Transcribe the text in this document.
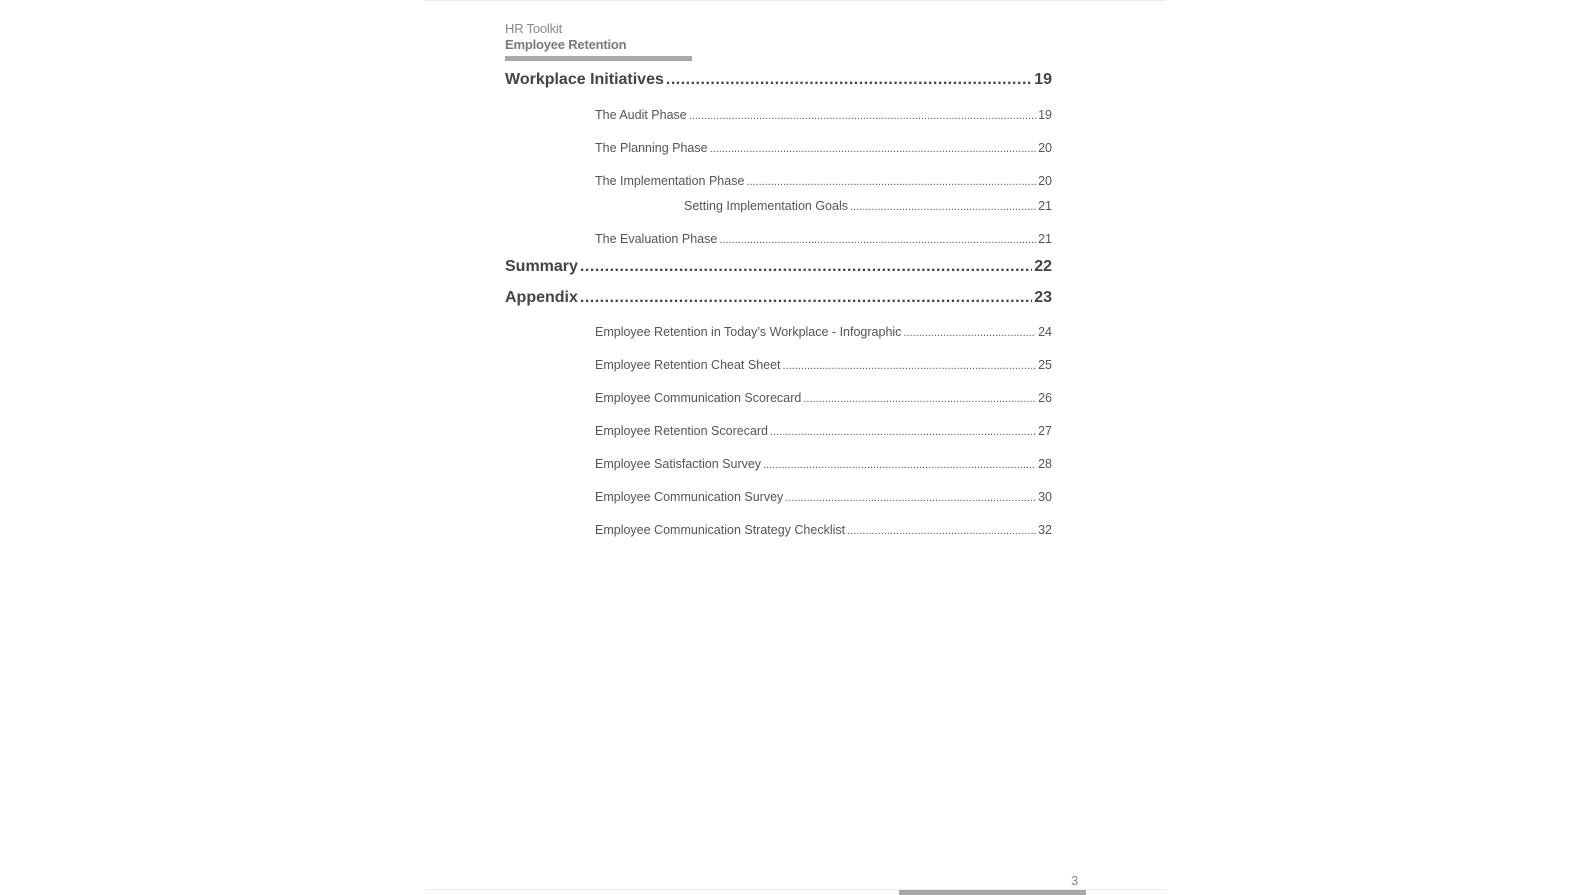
HR Toolkit
Employee Retention
Workplace Initiatives .....	19
The Audit Phase .....	19
The Planning Phase .....	20
The Implementation Phase .....	20
Setting Implementation Goals .....	21
The Evaluation Phase .....	21
Summary .....	22
Appendix .....	23
Employee Retention in Today’s Workplace - Infographic .....	24
Employee Retention Cheat Sheet .....	25
Employee Communication Scorecard .....	26
Employee Retention Scorecard .....	27
Employee Satisfaction Survey .....	28
Employee Communication Survey .....	30
Employee Communication Strategy Checklist .....	32
3
